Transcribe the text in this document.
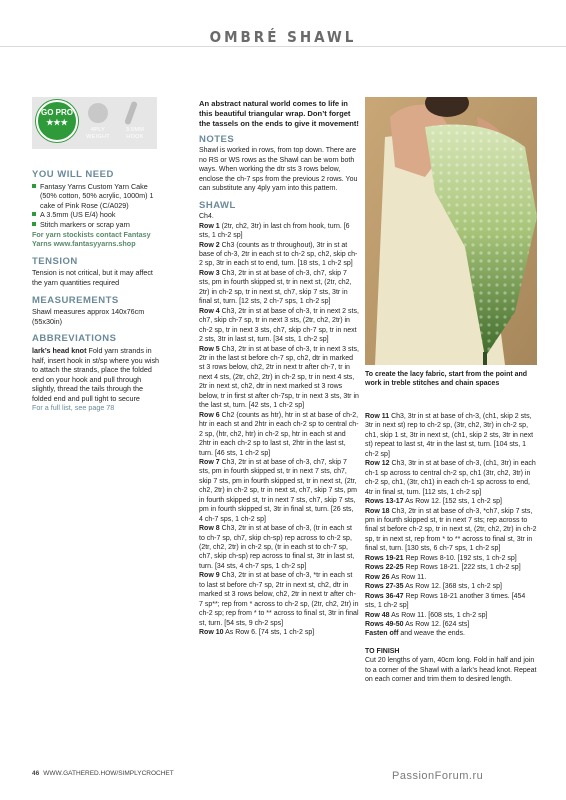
OMBRÉ SHAWL
GO PRO
★★★
4PLY WEIGHT
3.5MM HOOK
YOU WILL NEED
Fantasy Yarns Custom Yarn Cake (50% cotton, 50% acrylic, 1000m) 1 cake of Pink Rose (C/A029)
A 3.5mm (US E/4) hook
Stitch markers or scrap yarn
For yarn stockists contact Fantasy Yarns www.fantasyyarns.shop
TENSION
Tension is not critical, but it may affect the yarn quantities required
MEASUREMENTS
Shawl measures approx 140x76cm (55x30in)
ABBREVIATIONS
lark’s head knot Fold yarn strands in half, insert hook in st/sp where you wish to attach the strands, place the folded end on your hook and pull through slightly, thread the tails through the folded end and pull tight to secure
For a full list, see page 78
An abstract natural world comes to life in this beautiful triangular wrap. Don’t forget the tassels on the ends to give it movement!
NOTES
Shawl is worked in rows, from top down. There are no RS or WS rows as the Shawl can be worn both ways. When working the dtr sts 3 rows below, enclose the ch-7 sps from the previous 2 rows. You can substitute any 4ply yarn into this pattern.
SHAWL
Ch4.
Row 1 (2tr, ch2, 3tr) in last ch from hook, turn. [6 sts, 1 ch-2 sp]
Row 2 Ch3 (counts as tr throughout), 3tr in st at base of ch-3, 2tr in each st to ch-2 sp, ch2, skip ch-2 sp, 3tr in each st to end, turn. [18 sts, 1 ch-2 sp]
Row 3 Ch3, 2tr in st at base of ch-3, ch7, skip 7 sts, pm in fourth skipped st, tr in next st, (2tr, ch2, 2tr) in ch-2 sp, tr in next st, ch7, skip 7 sts, 3tr in final st, turn. [12 sts, 2 ch-7 sps, 1 ch-2 sp]
Row 4 Ch3, 2tr in st at base of ch-3, tr in next 2 sts, ch7, skip ch-7 sp, tr in next 3 sts, (2tr, ch2, 2tr) in ch-2 sp, tr in next 3 sts, ch7, skip ch-7 sp, tr in next 2 sts, 3tr in last st, turn. [34 sts, 1 ch-2 sp]
Row 5 Ch3, 2tr in st at base of ch-3, tr in next 3 sts, 2tr in the last st before ch-7 sp, ch2, dtr in marked st 3 rows below, ch2, 2tr in next tr after ch-7, tr in next 4 sts, (2tr, ch2, 2tr) in ch-2 sp, tr in next 4 sts, 2tr in next st, ch2, dtr in next marked st 3 rows below, tr in first st after ch-7sp, tr in next 3 sts, 3tr in the last st, turn. [42 sts, 1 ch-2 sp]
Row 6 Ch2 (counts as htr), htr in st at base of ch-2, htr in each st and 2htr in each ch-2 sp to central ch-2 sp, (htr, ch2, htr) in ch-2 sp, htr in each st and 2htr in each ch-2 sp to last st, 2htr in the last st, turn. [46 sts, 1 ch-2 sp]
Row 7 Ch3, 2tr in st at base of ch-3, ch7, skip 7 sts, pm in fourth skipped st, tr in next 7 sts, ch7, skip 7 sts, pm in fourth skipped st, tr in next st, (2tr, ch2, 2tr) in ch-2 sp, tr in next st, ch7, skip 7 sts, pm in fourth skipped st, tr in next 7 sts, ch7, skip 7 sts, pm in fourth skipped st, 3tr in final st, turn. [26 sts, 4 ch-7 sps, 1 ch-2 sp]
Row 8 Ch3, 2tr in st at base of ch-3, (tr in each st to ch-7 sp, ch7, skip ch-sp) rep across to ch-2 sp, (2tr, ch2, 2tr) in ch-2 sp, (tr in each st to ch-7 sp, ch7, skip ch-sp) rep across to final st, 3tr in last st, turn. [34 sts, 4 ch-7 sps, 1 ch-2 sp]
Row 9 Ch3, 2tr in st at base of ch-3, *tr in each st to last st before ch-7 sp, 2tr in next st, ch2, dtr in marked st 3 rows below, ch2, 2tr in next tr after ch-7 sp**; rep from * across to ch-2 sp, (2tr, ch2, 2tr) in ch-2 sp; rep from * to ** across to final st, 3tr in final st, turn. [54 sts, 9 ch-2 sps]
Row 10 As Row 6. [74 sts, 1 ch-2 sp]
To create the lacy fabric, start from the point and work in treble stitches and chain spaces
Row 11 Ch3, 3tr in st at base of ch-3, (ch1, skip 2 sts, 3tr in next st) rep to ch-2 sp, (3tr, ch2, 3tr) in ch-2 sp, ch1, skip 1 st, 3tr in next st, (ch1, skip 2 sts, 3tr in next st) repeat to last st, 4tr in the last st, turn. [104 sts, 1 ch-2 sp]
Row 12 Ch3, 3tr in st at base of ch-3, (ch1, 3tr) in each ch-1 sp across to central ch-2 sp, ch1 (3tr, ch2, 3tr) in ch-2 sp, ch1, (3tr, ch1) in each ch-1 sp across to end, 4tr in final st, turn. [112 sts, 1 ch-2 sp]
Rows 13-17 As Row 12. [152 sts, 1 ch-2 sp]
Row 18 Ch3, 2tr in st at base of ch-3, *ch7, skip 7 sts, pm in fourth skipped st, tr in next 7 sts; rep across to final st before ch-2 sp, tr in next st, (2tr, ch2, 2tr) in ch-2 sp, tr in next st, rep from * to ** across to final st, 3tr in final st, turn. [130 sts, 6 ch-7 sps, 1 ch-2 sp]
Rows 19-21 Rep Rows 8-10. [192 sts, 1 ch-2 sp]
Rows 22-25 Rep Rows 18-21. [222 sts, 1 ch-2 sp]
Row 26 As Row 11.
Rows 27-35 As Row 12. [368 sts, 1 ch-2 sp]
Rows 36-47 Rep Rows 18-21 another 3 times. [454 sts, 1 ch-2 sp]
Row 48 As Row 11. [608 sts, 1 ch-2 sp]
Rows 49-50 As Row 12. [624 sts]
Fasten off and weave the ends.
TO FINISH
Cut 20 lengths of yarn, 40cm long. Fold in half and join to a corner of the Shawl with a lark’s head knot. Repeat on each corner and trim them to desired length.
46 WWW.GATHERED.HOW/SIMPLYCROCHET	PassionForum.ru
